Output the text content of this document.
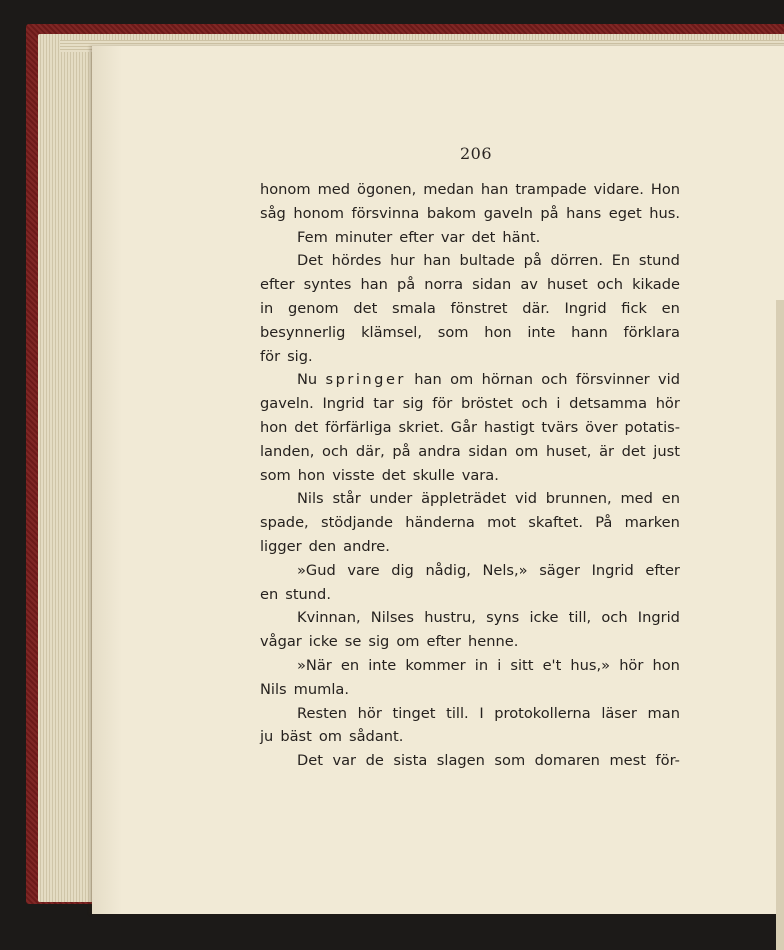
206
honom med ögonen, medan han trampade vidare. Hon
såg honom försvinna bakom gaveln på hans eget hus.
Fem minuter efter var det hänt.
Det hördes hur han bultade på dörren. En stund
efter syntes han på norra sidan av huset och kikade
in genom det smala fönstret där. Ingrid fick en
besynnerlig klämsel, som hon inte hann förklara
för sig.
Nu springer han om hörnan och försvinner vid
gaveln. Ingrid tar sig för bröstet och i detsamma hör
hon det förfärliga skriet. Går hastigt tvärs över potatis-
landen, och där, på andra sidan om huset, är det just
som hon visste det skulle vara.
Nils står under äppleträdet vid brunnen, med en
spade, stödjande händerna mot skaftet. På marken
ligger den andre.
»Gud vare dig nådig, Nels,» säger Ingrid efter
en stund.
Kvinnan, Nilses hustru, syns icke till, och Ingrid
vågar icke se sig om efter henne.
»När en inte kommer in i sitt e't hus,» hör hon
Nils mumla.
Resten hör tinget till. I protokollerna läser man
ju bäst om sådant.
Det var de sista slagen som domaren mest för-
